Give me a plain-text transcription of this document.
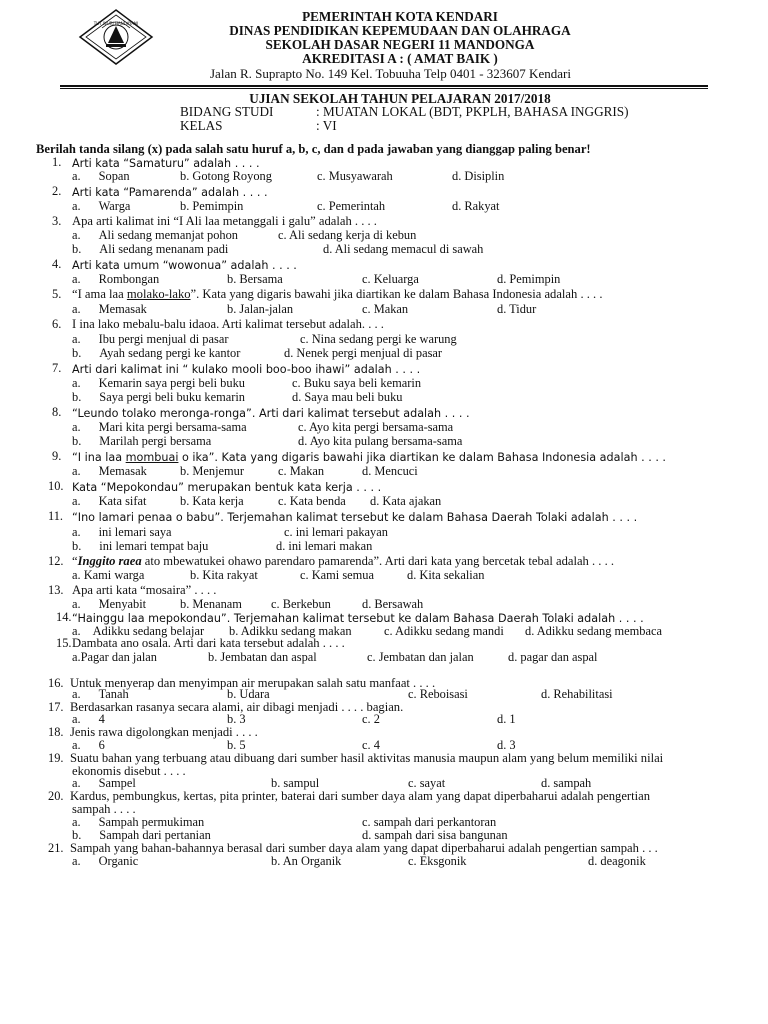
TUT WURI HANDAYANI	PEMERINTAH KOTA KENDARI
DINAS PENDIDIKAN KEPEMUDAAN DAN OLAHRAGA
SEKOLAH DASAR NEGERI 11 MANDONGA
AKREDITASI A : ( AMAT BAIK )
Jalan R. Suprapto No. 149 Kel. Tobuuha Telp 0401 - 323607 Kendari
UJIAN SEKOLAH TAHUN PELAJARAN 2017/2018
BIDANG STUDI	: MUATAN LOKAL (BDT, PKPLH, BAHASA INGGRIS)
KELAS	: VI
Berilah tanda silang (x) pada salah satu huruf a, b, c, dan d pada jawaban yang dianggap paling benar!
1. Arti kata “Samaturu” adalah . . . .
a. Sopan	b. Gotong Royong	c. Musyawarah	d. Disiplin
2. Arti kata “Pamarenda” adalah . . . .
a. Warga	b. Pemimpin	c. Pemerintah	d. Rakyat
3. Apa arti kalimat ini “I Ali laa metanggali i galu” adalah . . . .
a. Ali sedang memanjat pohon	c. Ali sedang kerja di kebun
b. Ali sedang menanam padi	d. Ali sedang memacul di sawah
4. Arti kata umum “wowonua” adalah . . . .
a. Rombongan	b. Bersama	c. Keluarga	d. Pemimpin
5. “I ama laa molako-lako”. Kata yang digaris bawahi jika diartikan ke dalam Bahasa Indonesia adalah . . . .
a. Memasak	b. Jalan-jalan	c. Makan	d. Tidur
6. I ina lako mebalu-balu idaoa. Arti kalimat tersebut adalah. . . .
a. Ibu pergi menjual di pasar	c. Nina sedang pergi ke warung
b. Ayah sedang pergi ke kantor	d. Nenek pergi menjual di pasar
7. Arti dari kalimat ini “ kulako mooli boo-boo ihawi” adalah . . . .
a. Kemarin saya pergi beli buku	c. Buku saya beli kemarin
b. Saya pergi beli buku kemarin	d. Saya mau beli buku
8. “Leundo tolako meronga-ronga”. Arti dari kalimat tersebut adalah . . . .
a. Mari kita pergi bersama-sama	c. Ayo kita pergi bersama-sama
b. Marilah pergi bersama	d. Ayo kita pulang bersama-sama
9. “I ina laa mombuai o ika”. Kata yang digaris bawahi jika diartikan ke dalam Bahasa Indonesia adalah . . . .
a. Memasak	b. Menjemur	c. Makan	d. Mencuci
10. Kata “Mepokondau” merupakan bentuk kata kerja . . . .
a. Kata sifat	b. Kata kerja	c. Kata benda d. Kata ajakan
11. “Ino lamari penaa o babu”. Terjemahan kalimat tersebut ke dalam Bahasa Daerah Tolaki adalah . . . .
a. ini lemari saya	c. ini lemari pakayan
b. ini lemari tempat baju	d. ini lemari makan
12. “Inggito raea ato mbewatukei ohawo parendaro pamarenda”. Arti dari kata yang bercetak tebal adalah . . . .
a. Kami warga	b. Kita rakyat	c. Kami semua	d. Kita sekalian
13. Apa arti kata “mosaira” . . . .
a. Menyabit	b. Menanam c. Berkebun	d. Bersawah
14. “Hainggu laa mepokondau”. Terjemahan kalimat tersebut ke dalam Bahasa Daerah Tolaki adalah . . . .
a. Adikku sedang belajar b. Adikku sedang makan	c. Adikku sedang mandi d. Adikku sedang membaca
15. Dambata ano osala. Arti dari kata tersebut adalah . . . .
a.Pagar dan jalan	b. Jembatan dan aspal	c. Jembatan dan jalan	d. pagar dan aspal
16. Untuk menyerap dan menyimpan air merupakan salah satu manfaat . . . .
a. Tanah	b. Udara	c. Reboisasi	d. Rehabilitasi
17. Berdasarkan rasanya secara alami, air dibagi menjadi . . . . bagian.
a. 4	b. 3	c. 2	d. 1
18. Jenis rawa digolongkan menjadi . . . .
a. 6	b. 5	c. 4	d. 3
19. Suatu bahan yang terbuang atau dibuang dari sumber hasil aktivitas manusia maupun alam yang belum memiliki nilai
ekonomis disebut . . . .
a. Sampel	b. sampul	c. sayat	d. sampah
20. Kardus, pembungkus, kertas, pita printer, baterai dari sumber daya alam yang dapat diperbaharui adalah pengertian
sampah . . . .
a. Sampah permukiman	c. sampah dari perkantoran
b. Sampah dari pertanian	d. sampah dari sisa bangunan
21. Sampah yang bahan-bahannya berasal dari sumber daya alam yang dapat diperbaharui adalah pengertian sampah . . .
a. Organic	b. An Organik	c. Eksgonik	d. deagonik
